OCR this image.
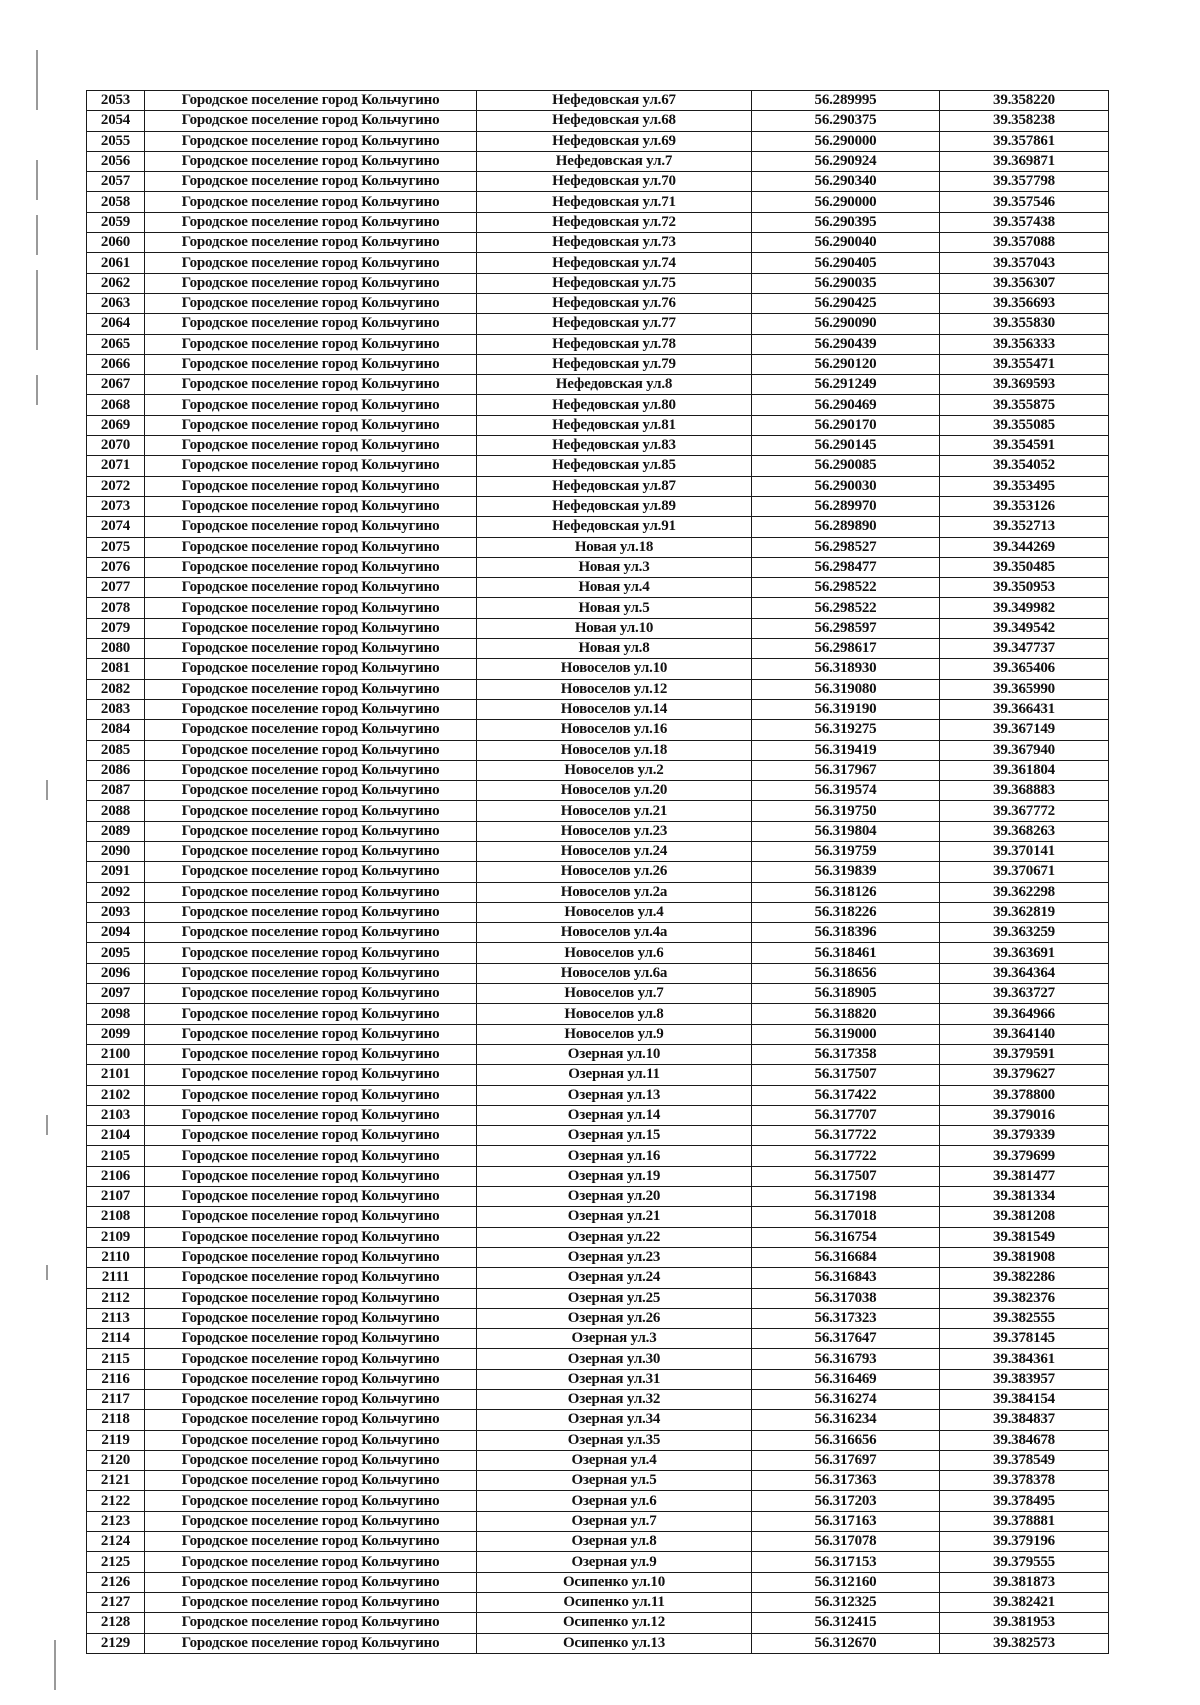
2053	Городское поселение город Кольчугино	Нефедовская ул.67	56.289995	39.358220
2054	Городское поселение город Кольчугино	Нефедовская ул.68	56.290375	39.358238
2055	Городское поселение город Кольчугино	Нефедовская ул.69	56.290000	39.357861
2056	Городское поселение город Кольчугино	Нефедовская ул.7	56.290924	39.369871
2057	Городское поселение город Кольчугино	Нефедовская ул.70	56.290340	39.357798
2058	Городское поселение город Кольчугино	Нефедовская ул.71	56.290000	39.357546
2059	Городское поселение город Кольчугино	Нефедовская ул.72	56.290395	39.357438
2060	Городское поселение город Кольчугино	Нефедовская ул.73	56.290040	39.357088
2061	Городское поселение город Кольчугино	Нефедовская ул.74	56.290405	39.357043
2062	Городское поселение город Кольчугино	Нефедовская ул.75	56.290035	39.356307
2063	Городское поселение город Кольчугино	Нефедовская ул.76	56.290425	39.356693
2064	Городское поселение город Кольчугино	Нефедовская ул.77	56.290090	39.355830
2065	Городское поселение город Кольчугино	Нефедовская ул.78	56.290439	39.356333
2066	Городское поселение город Кольчугино	Нефедовская ул.79	56.290120	39.355471
2067	Городское поселение город Кольчугино	Нефедовская ул.8	56.291249	39.369593
2068	Городское поселение город Кольчугино	Нефедовская ул.80	56.290469	39.355875
2069	Городское поселение город Кольчугино	Нефедовская ул.81	56.290170	39.355085
2070	Городское поселение город Кольчугино	Нефедовская ул.83	56.290145	39.354591
2071	Городское поселение город Кольчугино	Нефедовская ул.85	56.290085	39.354052
2072	Городское поселение город Кольчугино	Нефедовская ул.87	56.290030	39.353495
2073	Городское поселение город Кольчугино	Нефедовская ул.89	56.289970	39.353126
2074	Городское поселение город Кольчугино	Нефедовская ул.91	56.289890	39.352713
2075	Городское поселение город Кольчугино	Новая ул.18	56.298527	39.344269
2076	Городское поселение город Кольчугино	Новая ул.3	56.298477	39.350485
2077	Городское поселение город Кольчугино	Новая ул.4	56.298522	39.350953
2078	Городское поселение город Кольчугино	Новая ул.5	56.298522	39.349982
2079	Городское поселение город Кольчугино	Новая ул.10	56.298597	39.349542
2080	Городское поселение город Кольчугино	Новая ул.8	56.298617	39.347737
2081	Городское поселение город Кольчугино	Новоселов ул.10	56.318930	39.365406
2082	Городское поселение город Кольчугино	Новоселов ул.12	56.319080	39.365990
2083	Городское поселение город Кольчугино	Новоселов ул.14	56.319190	39.366431
2084	Городское поселение город Кольчугино	Новоселов ул.16	56.319275	39.367149
2085	Городское поселение город Кольчугино	Новоселов ул.18	56.319419	39.367940
2086	Городское поселение город Кольчугино	Новоселов ул.2	56.317967	39.361804
2087	Городское поселение город Кольчугино	Новоселов ул.20	56.319574	39.368883
2088	Городское поселение город Кольчугино	Новоселов ул.21	56.319750	39.367772
2089	Городское поселение город Кольчугино	Новоселов ул.23	56.319804	39.368263
2090	Городское поселение город Кольчугино	Новоселов ул.24	56.319759	39.370141
2091	Городское поселение город Кольчугино	Новоселов ул.26	56.319839	39.370671
2092	Городское поселение город Кольчугино	Новоселов ул.2а	56.318126	39.362298
2093	Городское поселение город Кольчугино	Новоселов ул.4	56.318226	39.362819
2094	Городское поселение город Кольчугино	Новоселов ул.4а	56.318396	39.363259
2095	Городское поселение город Кольчугино	Новоселов ул.6	56.318461	39.363691
2096	Городское поселение город Кольчугино	Новоселов ул.6а	56.318656	39.364364
2097	Городское поселение город Кольчугино	Новоселов ул.7	56.318905	39.363727
2098	Городское поселение город Кольчугино	Новоселов ул.8	56.318820	39.364966
2099	Городское поселение город Кольчугино	Новоселов ул.9	56.319000	39.364140
2100	Городское поселение город Кольчугино	Озерная ул.10	56.317358	39.379591
2101	Городское поселение город Кольчугино	Озерная ул.11	56.317507	39.379627
2102	Городское поселение город Кольчугино	Озерная ул.13	56.317422	39.378800
2103	Городское поселение город Кольчугино	Озерная ул.14	56.317707	39.379016
2104	Городское поселение город Кольчугино	Озерная ул.15	56.317722	39.379339
2105	Городское поселение город Кольчугино	Озерная ул.16	56.317722	39.379699
2106	Городское поселение город Кольчугино	Озерная ул.19	56.317507	39.381477
2107	Городское поселение город Кольчугино	Озерная ул.20	56.317198	39.381334
2108	Городское поселение город Кольчугино	Озерная ул.21	56.317018	39.381208
2109	Городское поселение город Кольчугино	Озерная ул.22	56.316754	39.381549
2110	Городское поселение город Кольчугино	Озерная ул.23	56.316684	39.381908
2111	Городское поселение город Кольчугино	Озерная ул.24	56.316843	39.382286
2112	Городское поселение город Кольчугино	Озерная ул.25	56.317038	39.382376
2113	Городское поселение город Кольчугино	Озерная ул.26	56.317323	39.382555
2114	Городское поселение город Кольчугино	Озерная ул.3	56.317647	39.378145
2115	Городское поселение город Кольчугино	Озерная ул.30	56.316793	39.384361
2116	Городское поселение город Кольчугино	Озерная ул.31	56.316469	39.383957
2117	Городское поселение город Кольчугино	Озерная ул.32	56.316274	39.384154
2118	Городское поселение город Кольчугино	Озерная ул.34	56.316234	39.384837
2119	Городское поселение город Кольчугино	Озерная ул.35	56.316656	39.384678
2120	Городское поселение город Кольчугино	Озерная ул.4	56.317697	39.378549
2121	Городское поселение город Кольчугино	Озерная ул.5	56.317363	39.378378
2122	Городское поселение город Кольчугино	Озерная ул.6	56.317203	39.378495
2123	Городское поселение город Кольчугино	Озерная ул.7	56.317163	39.378881
2124	Городское поселение город Кольчугино	Озерная ул.8	56.317078	39.379196
2125	Городское поселение город Кольчугино	Озерная ул.9	56.317153	39.379555
2126	Городское поселение город Кольчугино	Осипенко ул.10	56.312160	39.381873
2127	Городское поселение город Кольчугино	Осипенко ул.11	56.312325	39.382421
2128	Городское поселение город Кольчугино	Осипенко ул.12	56.312415	39.381953
2129	Городское поселение город Кольчугино	Осипенко ул.13	56.312670	39.382573
